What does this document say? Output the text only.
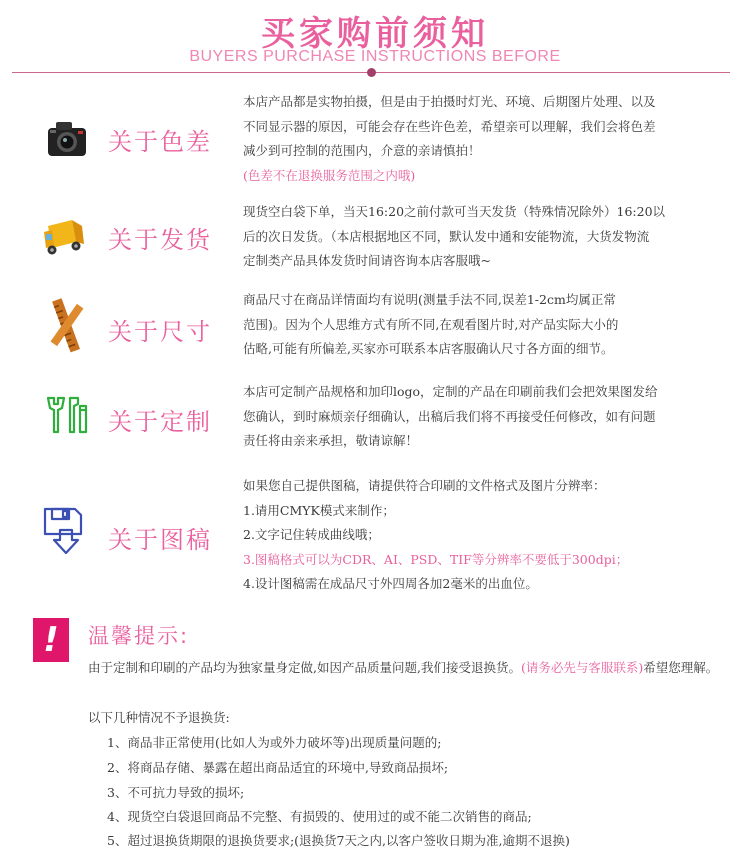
买家购前须知
BUYERS PURCHASE INSTRUCTIONS BEFORE
关于色差

本店产品都是实物拍摄，但是由于拍摄时灯光、环境、后期图片处理、以及

不同显示器的原因，可能会存在些许色差，希望亲可以理解，我们会将色差

减少到可控制的范围内，介意的亲请慎拍！

(色差不在退换服务范围之内哦)

关于发货

现货空白袋下单，当天16:20之前付款可当天发货（特殊情况除外）16:20以

后的次日发货。（本店根据地区不同，默认发中通和安能物流，大货发物流

定制类产品具体发货时间请咨询本店客服哦~

关于尺寸

商品尺寸在商品详情面均有说明(测量手法不同,误差1-2cm均属正常

范围)。因为个人思维方式有所不同,在观看图片时,对产品实际大小的

估略,可能有所偏差,买家亦可联系本店客服确认尺寸各方面的细节。

关于定制

本店可定制产品规格和加印logo，定制的产品在印刷前我们会把效果图发给

您确认，到时麻烦亲仔细确认，出稿后我们将不再接受任何修改，如有问题

责任将由亲来承担，敬请谅解！

关于图稿

如果您自己提供图稿，请提供符合印刷的文件格式及图片分辨率：

1.请用CMYK模式来制作；

2.文字记住转成曲线哦；

3.图稿格式可以为CDR、AI、PSD、TIF等分辨率不要低于300dpi；

4.设计图稿需在成品尺寸外四周各加2毫米的出血位。

!	温馨提示:
由于定制和印刷的产品均为独家量身定做,如因产品质量问题,我们接受退换货。(请务必先与客服联系)希望您理解。
以下几种情况不予退换货:
1、商品非正常使用(比如人为或外力破坏等)出现质量问题的;
2、将商品存储、暴露在超出商品适宜的环境中,导致商品损坏;
3、不可抗力导致的损坏;
4、现货空白袋退回商品不完整、有损毁的、使用过的或不能二次销售的商品;
5、超过退换货期限的退换货要求;(退换货7天之内,以客户签收日期为准,逾期不退换)
